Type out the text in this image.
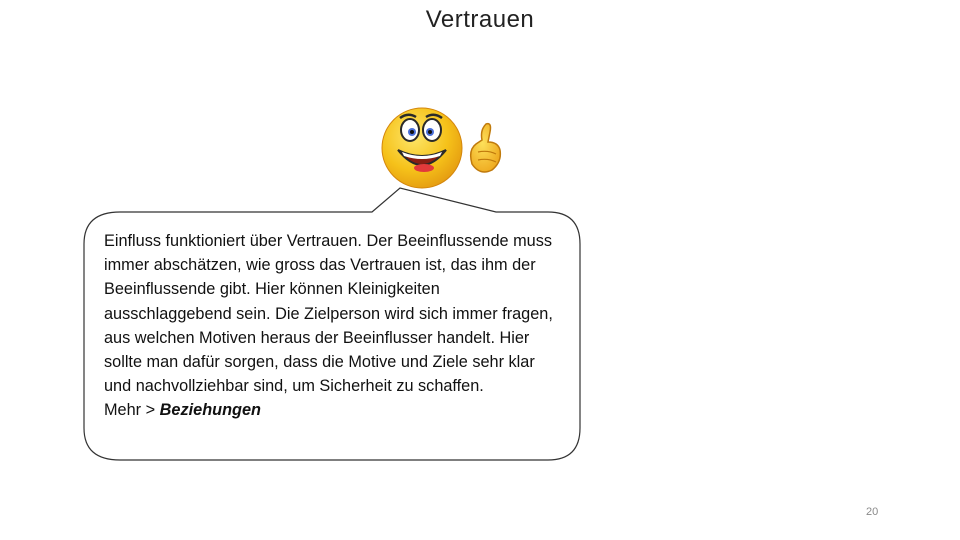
Vertrauen
Einfluss funktioniert über Vertrauen. Der Beeinflussende muss immer abschätzen, wie gross das Vertrauen ist, das ihm der Beeinflussende gibt. Hier können Kleinigkeiten ausschlaggebend sein. Die Zielperson wird sich immer fragen, aus welchen Motiven heraus der Beeinflusser handelt. Hier sollte man dafür sorgen, dass die Motive und Ziele sehr klar und nachvollziehbar sind, um Sicherheit zu schaffen.
Mehr > Beziehungen
20
